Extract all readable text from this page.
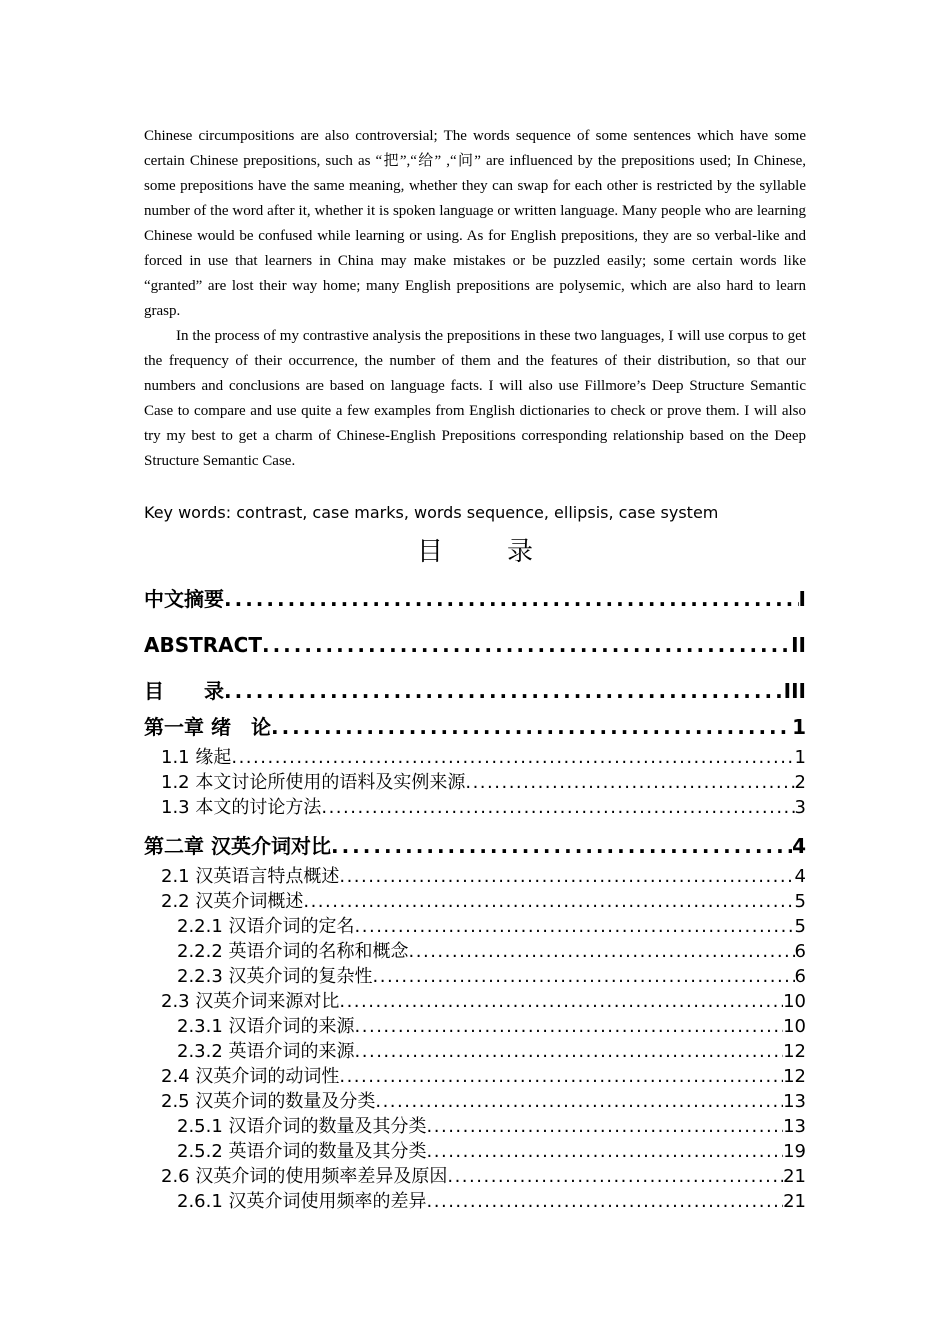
Chinese circumpositions are also controversial; The words sequence of some sentences which have some certain Chinese prepositions, such as “把”,“给” ,“问” are influenced by the prepositions used; In Chinese, some prepositions have the same meaning, whether they can swap for each other is restricted by the syllable number of the word after it, whether it is spoken language or written language. Many people who are learning Chinese would be confused while learning or using. As for English prepositions, they are so verbal-like and forced in use that learners in China may make mistakes or be puzzled easily; some certain words like “granted” are lost their way home; many English prepositions are polysemic, which are also hard to learn grasp.

In the process of my contrastive analysis the prepositions in these two languages, I will use corpus to get the frequency of their occurrence, the number of them and the features of their distribution, so that our numbers and conclusions are based on language facts. I will also use Fillmore’s Deep Structure Semantic Case to compare and use quite a few examples from English dictionaries to check or prove them. I will also try my best to get a charm of Chinese-English Prepositions corresponding relationship based on the Deep Structure Semantic Case.

Key words: contrast, case marks, words sequence, ellipsis, case system
目 录
中文摘要 .....	I
ABSTRACT .....	II
目　　录 .....	III
第一章 绪　论 .....	1
1.1 缘起 .....	1
1.2 本文讨论所使用的语料及实例来源 .....	2
1.3 本文的讨论方法 .....	3
第二章 汉英介词对比 .....	4
2.1 汉英语言特点概述 .....	4
2.2 汉英介词概述 .....	5
2.2.1 汉语介词的定名 .....	5
2.2.2 英语介词的名称和概念 .....	6
2.2.3 汉英介词的复杂性 .....	6
2.3 汉英介词来源对比 .....	10
2.3.1 汉语介词的来源 .....	10
2.3.2 英语介词的来源 .....	12
2.4 汉英介词的动词性 .....	12
2.5 汉英介词的数量及分类 .....	13
2.5.1 汉语介词的数量及其分类 .....	13
2.5.2 英语介词的数量及其分类 .....	19
2.6 汉英介词的使用频率差异及原因 .....	21
2.6.1 汉英介词使用频率的差异 .....	21
